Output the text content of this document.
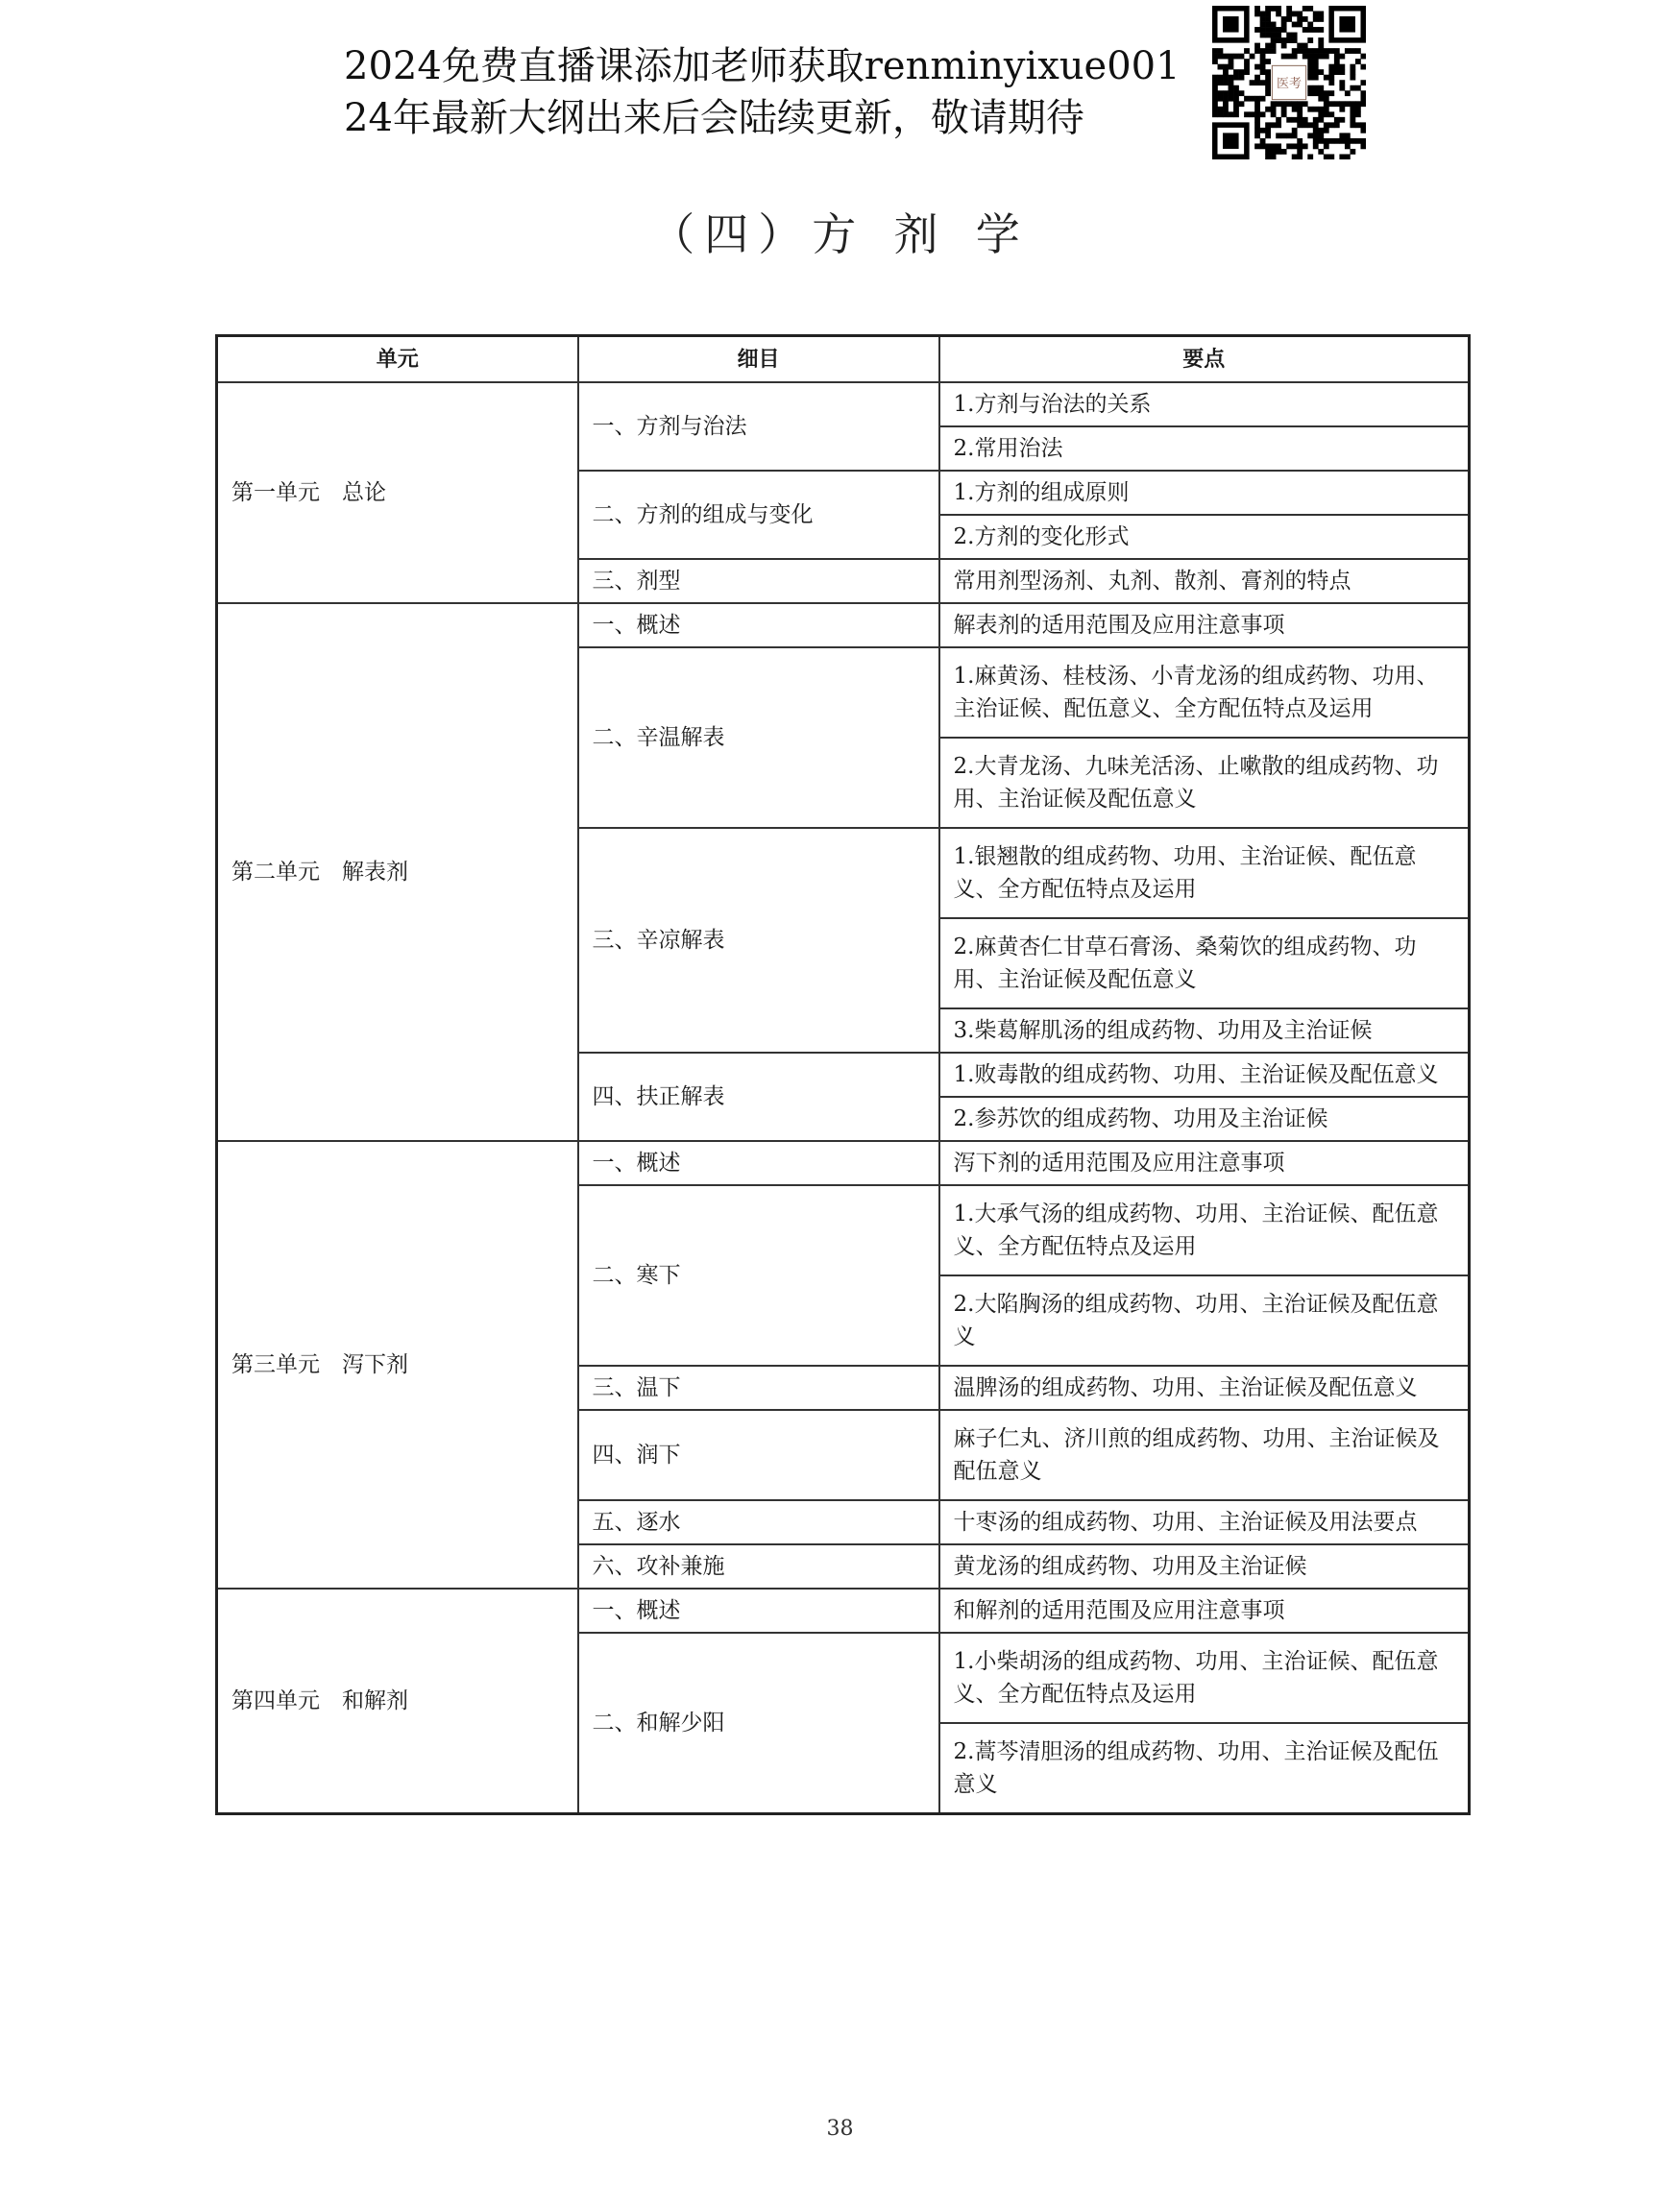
2024免费直播课添加老师获取renminyixue001
24年最新大纲出来后会陆续更新，敬请期待
医考
（四）方 剂 学
单元	细目	要点
第一单元　总论	一、方剂与治法	1.方剂与治法的关系
		2.常用治法
	二、方剂的组成与变化	1.方剂的组成原则
		2.方剂的变化形式
	三、剂型	常用剂型汤剂、丸剂、散剂、膏剂的特点
第二单元　解表剂	一、概述	解表剂的适用范围及应用注意事项
	二、辛温解表	1.麻黄汤、桂枝汤、小青龙汤的组成药物、功用、主治证候、配伍意义、全方配伍特点及运用
		2.大青龙汤、九味羌活汤、止嗽散的组成药物、功用、主治证候及配伍意义
	三、辛凉解表	1.银翘散的组成药物、功用、主治证候、配伍意义、全方配伍特点及运用
		2.麻黄杏仁甘草石膏汤、桑菊饮的组成药物、功用、主治证候及配伍意义
		3.柴葛解肌汤的组成药物、功用及主治证候
	四、扶正解表	1.败毒散的组成药物、功用、主治证候及配伍意义
		2.参苏饮的组成药物、功用及主治证候
第三单元　泻下剂	一、概述	泻下剂的适用范围及应用注意事项
	二、寒下	1.大承气汤的组成药物、功用、主治证候、配伍意义、全方配伍特点及运用
		2.大陷胸汤的组成药物、功用、主治证候及配伍意义
	三、温下	温脾汤的组成药物、功用、主治证候及配伍意义
	四、润下	麻子仁丸、济川煎的组成药物、功用、主治证候及配伍意义
	五、逐水	十枣汤的组成药物、功用、主治证候及用法要点
	六、攻补兼施	黄龙汤的组成药物、功用及主治证候
第四单元　和解剂	一、概述	和解剂的适用范围及应用注意事项
	二、和解少阳	1.小柴胡汤的组成药物、功用、主治证候、配伍意义、全方配伍特点及运用
		2.蒿芩清胆汤的组成药物、功用、主治证候及配伍意义
38
